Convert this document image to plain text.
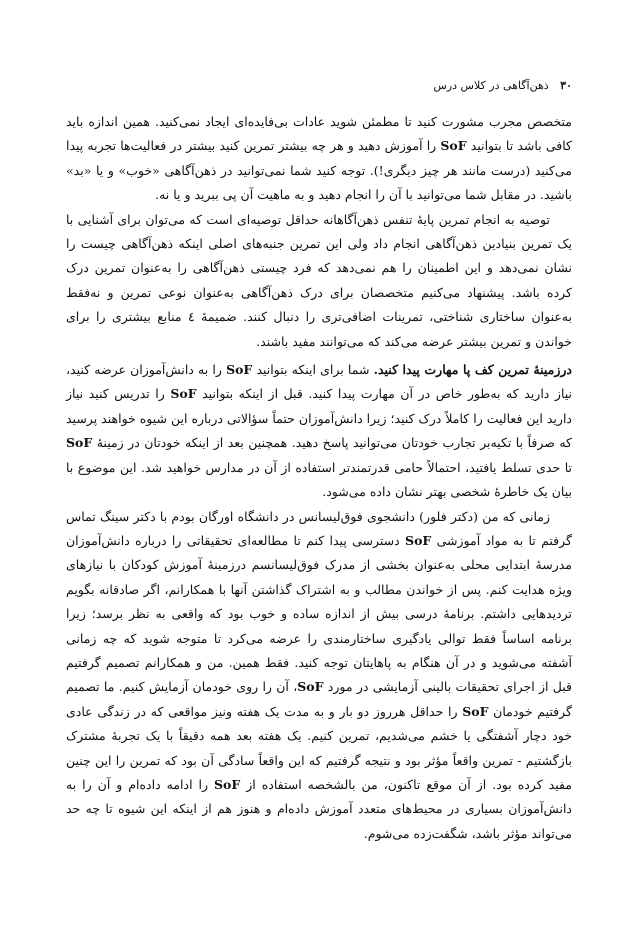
۳۰ ذهن‌آگاهی در کلاس درس

متخصص مجرب مشورت کنید تا مطمئن شوید عادات بی‌فایده‌ای ایجاد نمی‌کنید. همین اندازه باید کافی باشد تا بتوانید SoF را آموزش دهید و هر چه بیشتر تمرین کنید بیشتر در فعالیت‌ها تجربه پیدا می‌کنید (درست مانند هر چیز دیگری!). توجه کنید شما نمی‌توانید در ذهن‌آگاهی «خوب» و یا «بد» باشید. در مقابل شما می‌توانید با آن را انجام دهید و به ماهیت آن پی ببرید و یا نه.

توصیه به انجام تمرین پایهٔ تنفس ذهن‌آگاهانه حداقل توصیه‌ای است که می‌توان برای آشنایی با یک تمرین بنیادین ذهن‌آگاهی انجام داد ولی این تمرین جنبه‌های اصلی اینکه ذهن‌آگاهی چیست را نشان نمی‌دهد و این اطمینان را هم نمی‌دهد که فرد چیستی ذهن‌آگاهی را به‌عنوان تمرین درک کرده باشد. پیشنهاد می‌کنیم متخصصان برای درک ذهن‌آگاهی به‌عنوان نوعی تمرین و نه‌فقط به‌عنوان ساختاری شناختی، تمرینات اضافی‌تری را دنبال کنند. ضمیمهٔ ٤ منابع بیشتری را برای خواندن و تمرین بیشتر عرضه می‌کند که می‌توانند مفید باشند.

درزمینهٔ تمرین کف پا مهارت پیدا کنید. شما برای اینکه بتوانید SoF را به دانش‌آموزان عرضه کنید، نیاز دارید که به‌طور خاص در آن مهارت پیدا کنید. قبل از اینکه بتوانید SoF را تدریس کنید نیاز دارید این فعالیت را کاملاً درک کنید؛ زیرا دانش‌آموزان حتماً سؤالاتی درباره این شیوه خواهند پرسید که صرفاً با تکیه‌بر تجارب خودتان می‌توانید پاسخ دهید. همچنین بعد از اینکه خودتان در زمینهٔ SoF تا حدی تسلط یافتید، احتمالاً حامی قدرتمندتر استفاده از آن در مدارس خواهید شد. این موضوع با بیان یک خاطرهٔ شخصی بهتر نشان داده می‌شود.

زمانی که من (دکتر فلور) دانشجوی فوق‌لیسانس در دانشگاه اورگان بودم با دکتر سینگ تماس گرفتم تا به مواد آموزشی SoF دسترسی پیدا کنم تا مطالعه‌ای تحقیقاتی را درباره دانش‌آموزان مدرسهٔ ابتدایی محلی به‌عنوان بخشی از مدرک فوق‌لیسانسم درزمینهٔ آموزش کودکان با نیازهای ویژه هدایت کنم. پس از خواندن مطالب و به اشتراک گذاشتن آنها با همکارانم، اگر صادقانه بگویم تردیدهایی داشتم. برنامهٔ درسی بیش از اندازه ساده و خوب بود که واقعی به نظر برسد؛ زیرا برنامه اساساً فقط توالی یادگیری ساختارمندی را عرضه می‌کرد تا متوجه شوید که چه زمانی آشفته می‌شوید و در آن هنگام به پاهایتان توجه کنید. فقط همین. من و همکارانم تصمیم گرفتیم قبل از اجرای تحقیقات بالینی آزمایشی در مورد SoF، آن را روی خودمان آزمایش کنیم. ما تصمیم گرفتیم خودمان SoF را حداقل هرروز دو بار و به مدت یک هفته ونیز مواقعی که در زندگی عادی خود دچار آشفتگی یا خشم می‌شدیم، تمرین کنیم. یک هفته بعد همه دقیقاً با یک تجربهٔ مشترک بازگشتیم - تمرین واقعاً مؤثر بود و نتیجه گرفتیم که این واقعاً سادگی آن بود که تمرین را این چنین مفید کرده بود. از آن موقع تاکنون، من بالشخصه استفاده از SoF را ادامه داده‌ام و آن را به دانش‌آموزان بسیاری در محیط‌های متعدد آموزش داده‌ام و هنوز هم از اینکه این شیوه تا چه حد می‌تواند مؤثر باشد، شگفت‌زده می‌شوم.
